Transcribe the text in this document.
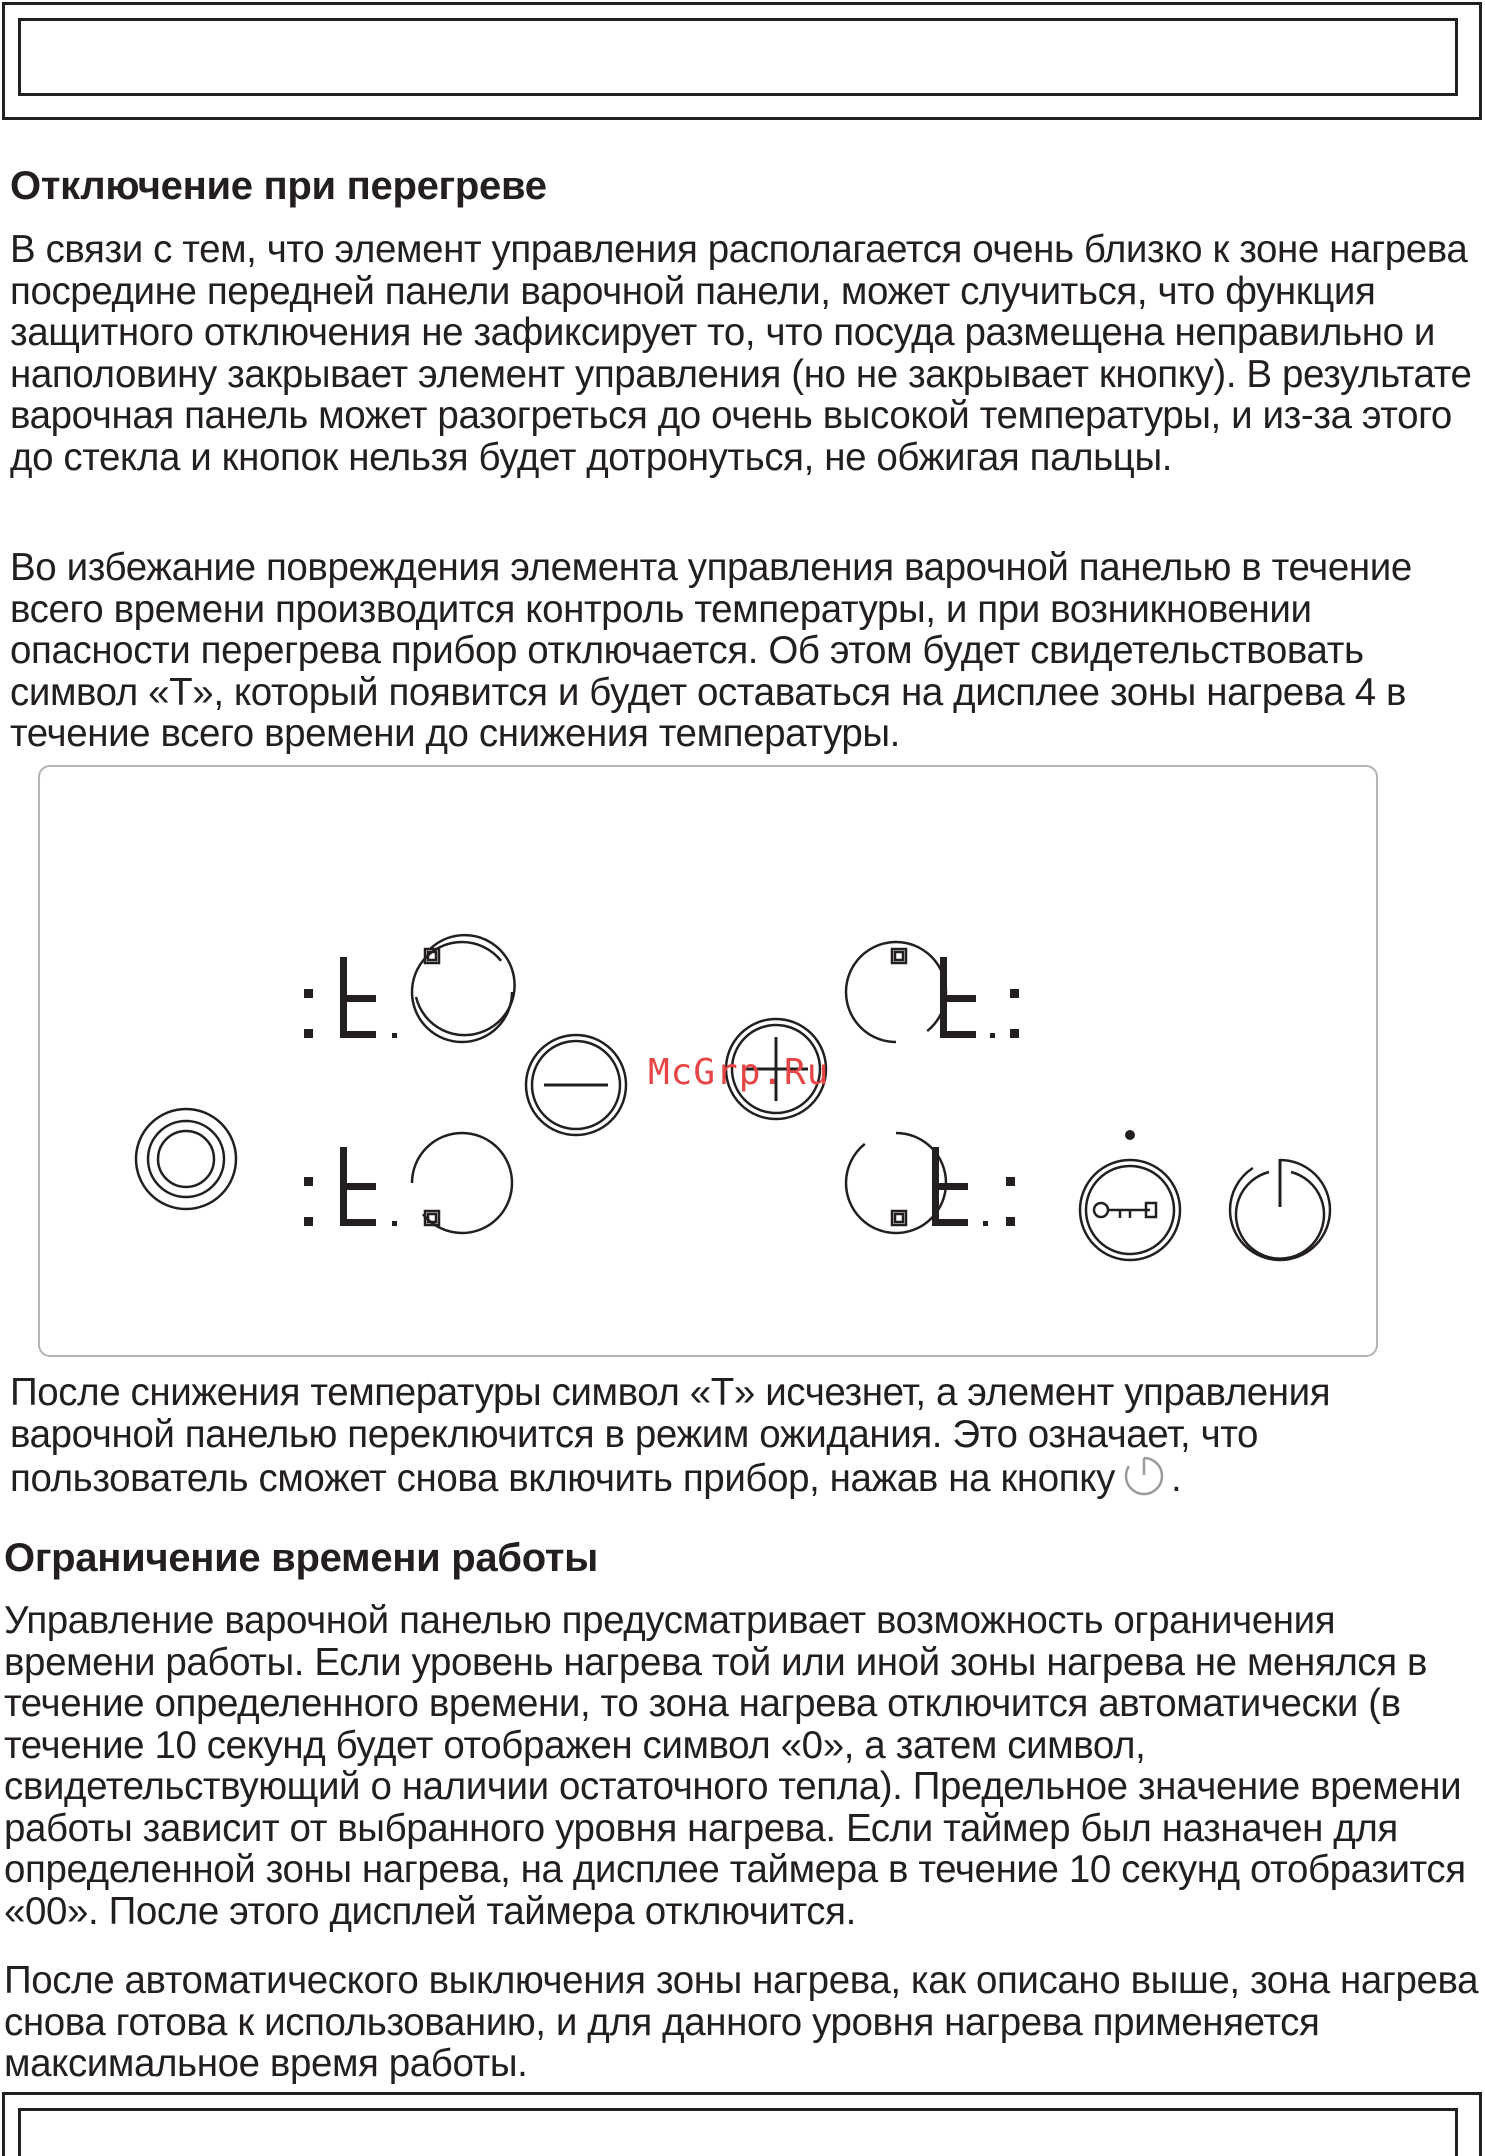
Отключение при перегреве

В связи с тем, что элемент управления располагается очень близко к зоне нагрева посредине передней панели варочной панели, может случиться, что функция защитного отключения не зафиксирует то, что посуда размещена неправильно и наполовину закрывает элемент управления (но не закрывает кнопку). В результате варочная панель может разогреться до очень высокой температуры, и из-за этого до стекла и кнопок нельзя будет дотронуться, не обжигая пальцы.

Во избежание повреждения элемента управления варочной панелью в течение всего времени производится контроль температуры, и при возникновении опасности перегрева прибор отключается. Об этом будет свидетельствовать символ «T», который появится и будет оставаться на дисплее зоны нагрева 4 в течение всего времени до снижения температуры.

McGrp.Ru

После снижения температуры символ «T» исчезнет, а элемент управления варочной панелью переключится в режим ожидания. Это означает, что пользователь сможет снова включить прибор, нажав на кнопку .

Ограничение времени работы

Управление варочной панелью предусматривает возможность ограничения времени работы. Если уровень нагрева той или иной зоны нагрева не менялся в течение определенного времени, то зона нагрева отключится автоматически (в течение 10 секунд будет отображен символ «0», а затем символ, свидетельствующий о наличии остаточного тепла). Предельное значение времени работы зависит от выбранного уровня нагрева. Если таймер был назначен для определенной зоны нагрева, на дисплее таймера в течение 10 секунд отобразится «00». После этого дисплей таймера отключится.

После автоматического выключения зоны нагрева, как описано выше, зона нагрева снова готова к использованию, и для данного уровня нагрева применяется максимальное время работы.
